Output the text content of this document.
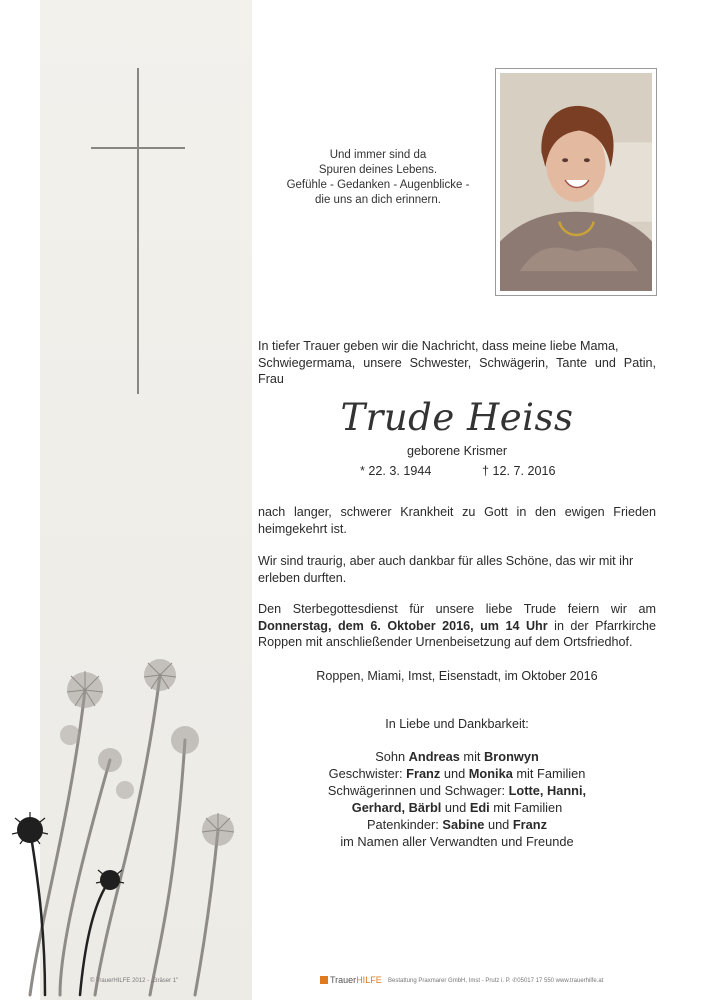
Und immer sind da
Spuren deines Lebens.
Gefühle - Gedanken - Augenblicke -
die uns an dich erinnern.
In tiefer Trauer geben wir die Nachricht, dass meine liebe Mama,
Schwiegermama, unsere Schwester, Schwägerin, Tante und Patin, Frau
Trude Heiss
geborene Krismer
* 22. 3. 1944	† 12. 7. 2016
nach langer, schwerer Krankheit zu Gott in den ewigen Frieden heimgekehrt ist.
Wir sind traurig, aber auch dankbar für alles Schöne, das wir mit ihr erleben durften.
Den Sterbegottesdienst für unsere liebe Trude feiern wir am Donnerstag, dem 6. Oktober 2016, um 14 Uhr in der Pfarrkirche Roppen mit anschließender Urnenbeisetzung auf dem Ortsfriedhof.
Roppen, Miami, Imst, Eisenstadt, im Oktober 2016
In Liebe und Dankbarkeit:
Sohn Andreas mit Bronwyn
Geschwister: Franz und Monika mit Familien
Schwägerinnen und Schwager: Lotte, Hanni,
Gerhard, Bärbl und Edi mit Familien
Patenkinder: Sabine und Franz
im Namen aller Verwandten und Freunde
© TrauerHILFE 2012 - „Gräser 1"	TrauerHILFE Bestattung Praxmarer GmbH, Imst - Prutz i. P. ✆05017 17 550 www.trauerhilfe.at
